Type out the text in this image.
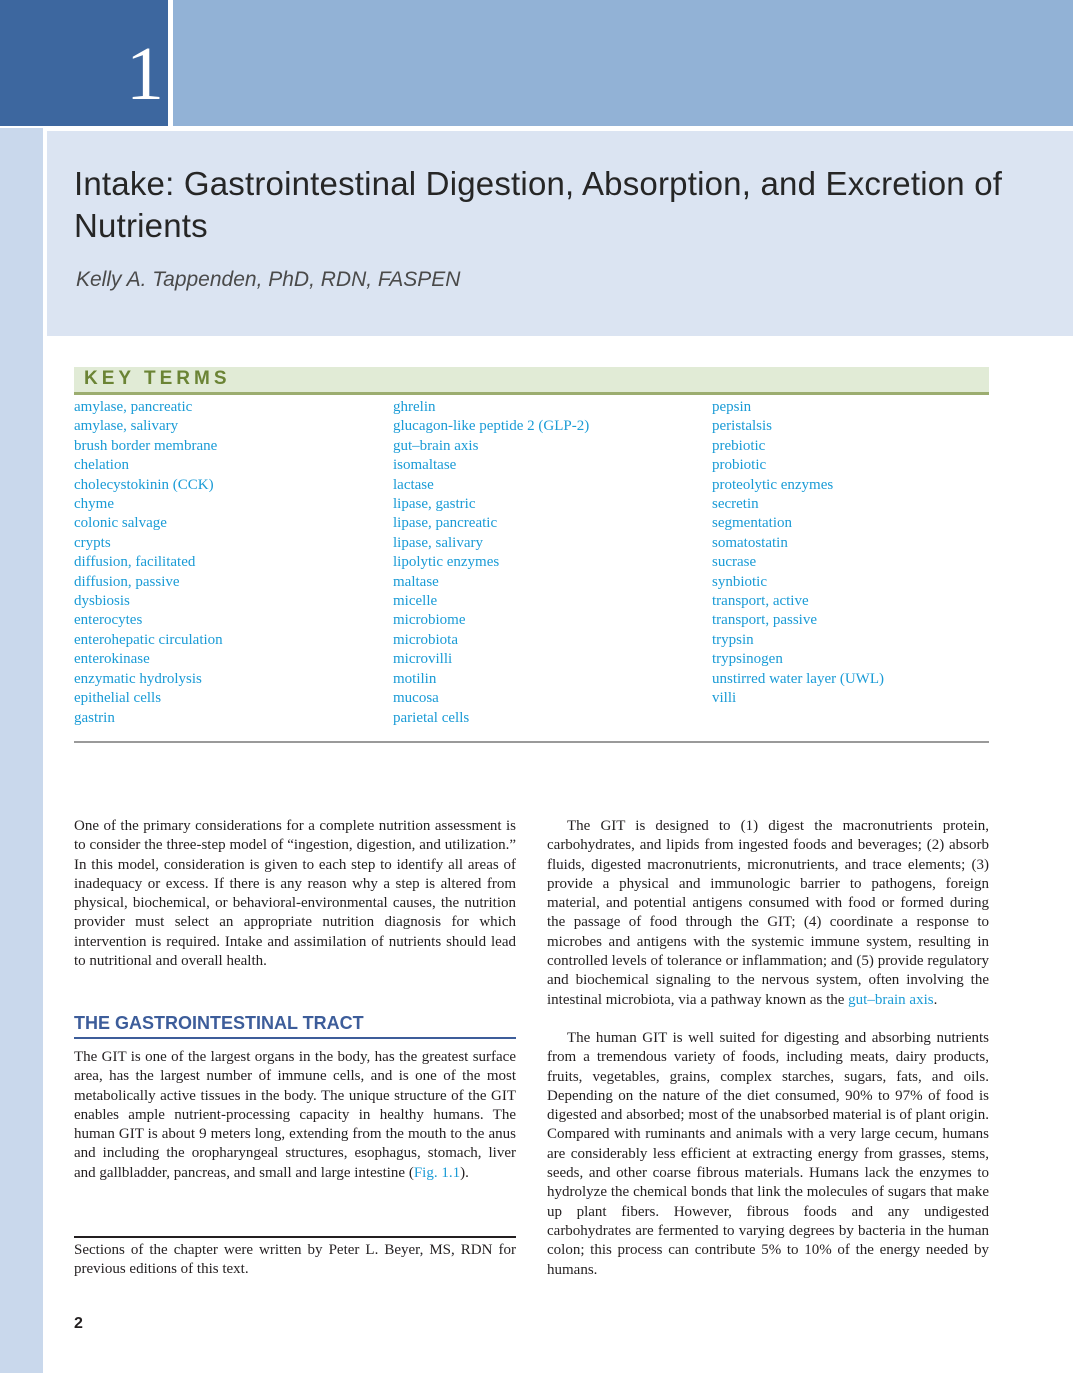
1
Intake: Gastrointestinal Digestion, Absorption, and Excretion of Nutrients
Kelly A. Tappenden, PhD, RDN, FASPEN
KEY TERMS
amylase, pancreatic
amylase, salivary
brush border membrane
chelation
cholecystokinin (CCK)
chyme
colonic salvage
crypts
diffusion, facilitated
diffusion, passive
dysbiosis
enterocytes
enterohepatic circulation
enterokinase
enzymatic hydrolysis
epithelial cells
gastrin
ghrelin
glucagon-like peptide 2 (GLP-2)
gut–brain axis
isomaltase
lactase
lipase, gastric
lipase, pancreatic
lipase, salivary
lipolytic enzymes
maltase
micelle
microbiome
microbiota
microvilli
motilin
mucosa
parietal cells
pepsin
peristalsis
prebiotic
probiotic
proteolytic enzymes
secretin
segmentation
somatostatin
sucrase
synbiotic
transport, active
transport, passive
trypsin
trypsinogen
unstirred water layer (UWL)
villi

One of the primary considerations for a complete nutrition assessment is to consider the three-step model of “ingestion, digestion, and utilization.” In this model, consideration is given to each step to identify all areas of inadequacy or excess. If there is any reason why a step is altered from physical, biochemical, or behavioral-environmental causes, the nutrition provider must select an appropriate nutrition diagnosis for which intervention is required. Intake and assimilation of nutrients should lead to nutritional and overall health.

THE GASTROINTESTINAL TRACT

The GIT is one of the largest organs in the body, has the greatest surface area, has the largest number of immune cells, and is one of the most metabolically active tissues in the body. The unique structure of the GIT enables ample nutrient-processing capacity in healthy humans. The human GIT is about 9 meters long, extending from the mouth to the anus and including the oropharyngeal structures, esophagus, stomach, liver and gallbladder, pancreas, and small and large intestine (Fig. 1.1).

Sections of the chapter were written by Peter L. Beyer, MS, RDN for previous editions of this text.

The GIT is designed to (1) digest the macronutrients protein, carbohydrates, and lipids from ingested foods and beverages; (2) absorb fluids, digested macronutrients, micronutrients, and trace elements; (3) provide a physical and immunologic barrier to pathogens, foreign material, and potential antigens consumed with food or formed during the passage of food through the GIT; (4) coordinate a response to microbes and antigens with the systemic immune system, resulting in controlled levels of tolerance or inflammation; and (5) provide regulatory and biochemical signaling to the nervous system, often involving the intestinal microbiota, via a pathway known as the gut–brain axis.

The human GIT is well suited for digesting and absorbing nutrients from a tremendous variety of foods, including meats, dairy products, fruits, vegetables, grains, complex starches, sugars, fats, and oils. Depending on the nature of the diet consumed, 90% to 97% of food is digested and absorbed; most of the unabsorbed material is of plant origin. Compared with ruminants and animals with a very large cecum, humans are considerably less efficient at extracting energy from grasses, stems, seeds, and other coarse fibrous materials. Humans lack the enzymes to hydrolyze the chemical bonds that link the molecules of sugars that make up plant fibers. However, fibrous foods and any undigested carbohydrates are fermented to varying degrees by bacteria in the human colon; this process can contribute 5% to 10% of the energy needed by humans.

2
